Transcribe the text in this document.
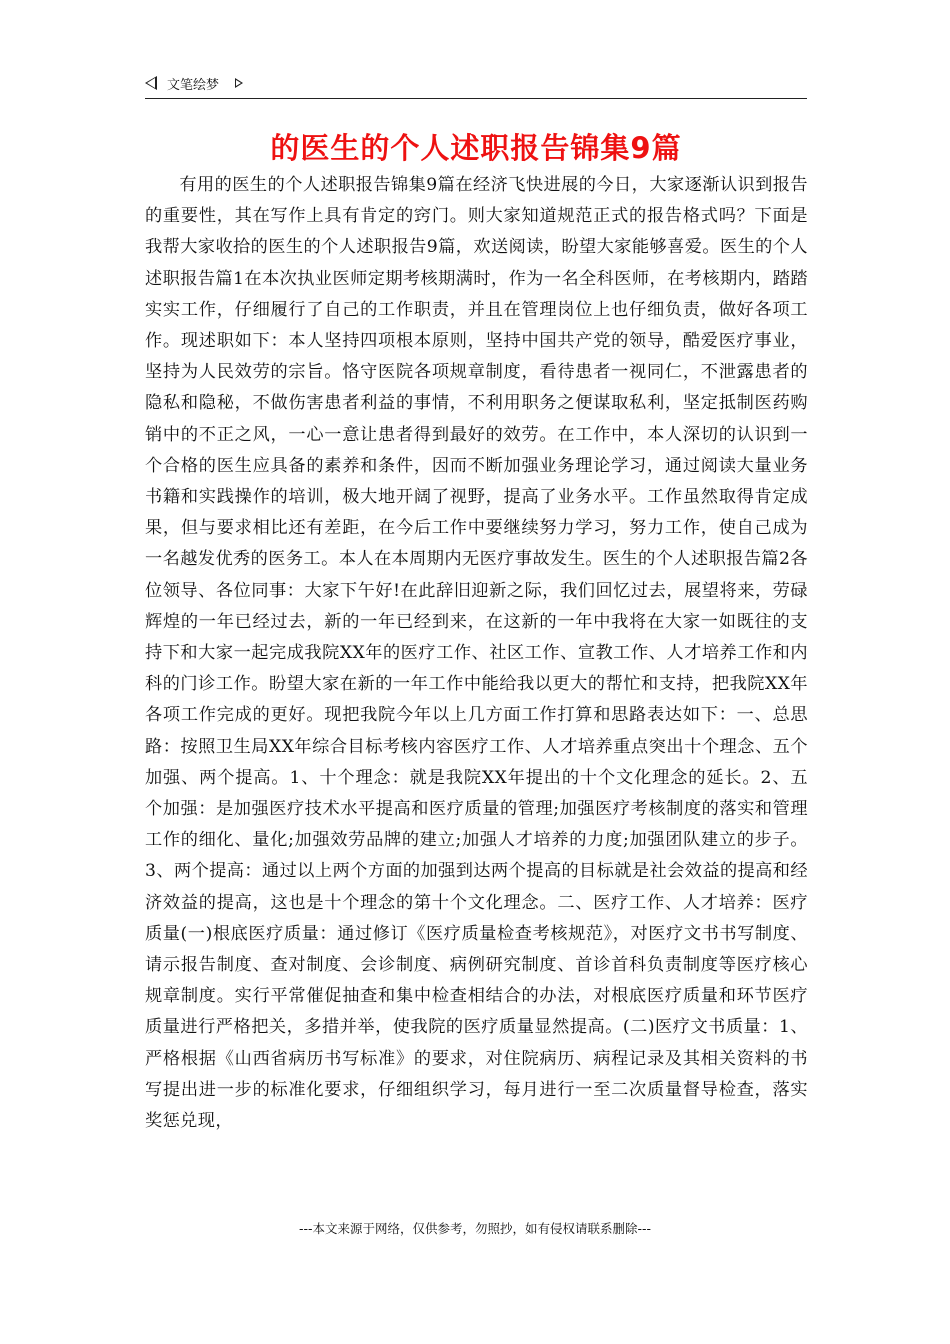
文笔绘梦
的医生的个人述职报告锦集9篇

有用的医生的个人述职报告锦集9篇在经济飞快进展的今日，大家逐渐认识到报告的重要性，其在写作上具有肯定的窍门。则大家知道规范正式的报告格式吗？下面是我帮大家收拾的医生的个人述职报告9篇，欢送阅读，盼望大家能够喜爱。医生的个人述职报告篇1在本次执业医师定期考核期满时，作为一名全科医师，在考核期内，踏踏实实工作，仔细履行了自己的工作职责，并且在管理岗位上也仔细负责，做好各项工作。现述职如下：本人坚持四项根本原则，坚持中国共产党的领导，酷爱医疗事业，坚持为人民效劳的宗旨。恪守医院各项规章制度，看待患者一视同仁，不泄露患者的隐私和隐秘，不做伤害患者利益的事情，不利用职务之便谋取私利，坚定抵制医药购销中的不正之风，一心一意让患者得到最好的效劳。在工作中，本人深切的认识到一个合格的医生应具备的素养和条件，因而不断加强业务理论学习，通过阅读大量业务书籍和实践操作的培训，极大地开阔了视野，提高了业务水平。工作虽然取得肯定成果，但与要求相比还有差距，在今后工作中要继续努力学习，努力工作，使自己成为一名越发优秀的医务工。本人在本周期内无医疗事故发生。医生的个人述职报告篇2各位领导、各位同事：大家下午好!在此辞旧迎新之际，我们回忆过去，展望将来，劳碌辉煌的一年已经过去，新的一年已经到来，在这新的一年中我将在大家一如既往的支持下和大家一起完成我院XX年的医疗工作、社区工作、宣教工作、人才培养工作和内科的门诊工作。盼望大家在新的一年工作中能给我以更大的帮忙和支持，把我院XX年各项工作完成的更好。现把我院今年以上几方面工作打算和思路表达如下：一、总思路：按照卫生局XX年综合目标考核内容医疗工作、人才培养重点突出十个理念、五个加强、两个提高。1、十个理念：就是我院XX年提出的十个文化理念的延长。2、五个加强：是加强医疗技术水平提高和医疗质量的管理;加强医疗考核制度的落实和管理工作的细化、量化;加强效劳品牌的建立;加强人才培养的力度;加强团队建立的步子。3、两个提高：通过以上两个方面的加强到达两个提高的目标就是社会效益的提高和经济效益的提高，这也是十个理念的第十个文化理念。二、医疗工作、人才培养：医疗质量(一)根底医疗质量：通过修订《医疗质量检查考核规范》，对医疗文书书写制度、请示报告制度、查对制度、会诊制度、病例研究制度、首诊首科负责制度等医疗核心规章制度。实行平常催促抽查和集中检查相结合的办法，对根底医疗质量和环节医疗质量进行严格把关，多措并举，使我院的医疗质量显然提高。(二)医疗文书质量：1、严格根据《山西省病历书写标准》的要求，对住院病历、病程记录及其相关资料的书写提出进一步的标准化要求，仔细组织学习，每月进行一至二次质量督导检查，落实奖惩兑现，

---本文来源于网络，仅供参考，勿照抄，如有侵权请联系删除---
